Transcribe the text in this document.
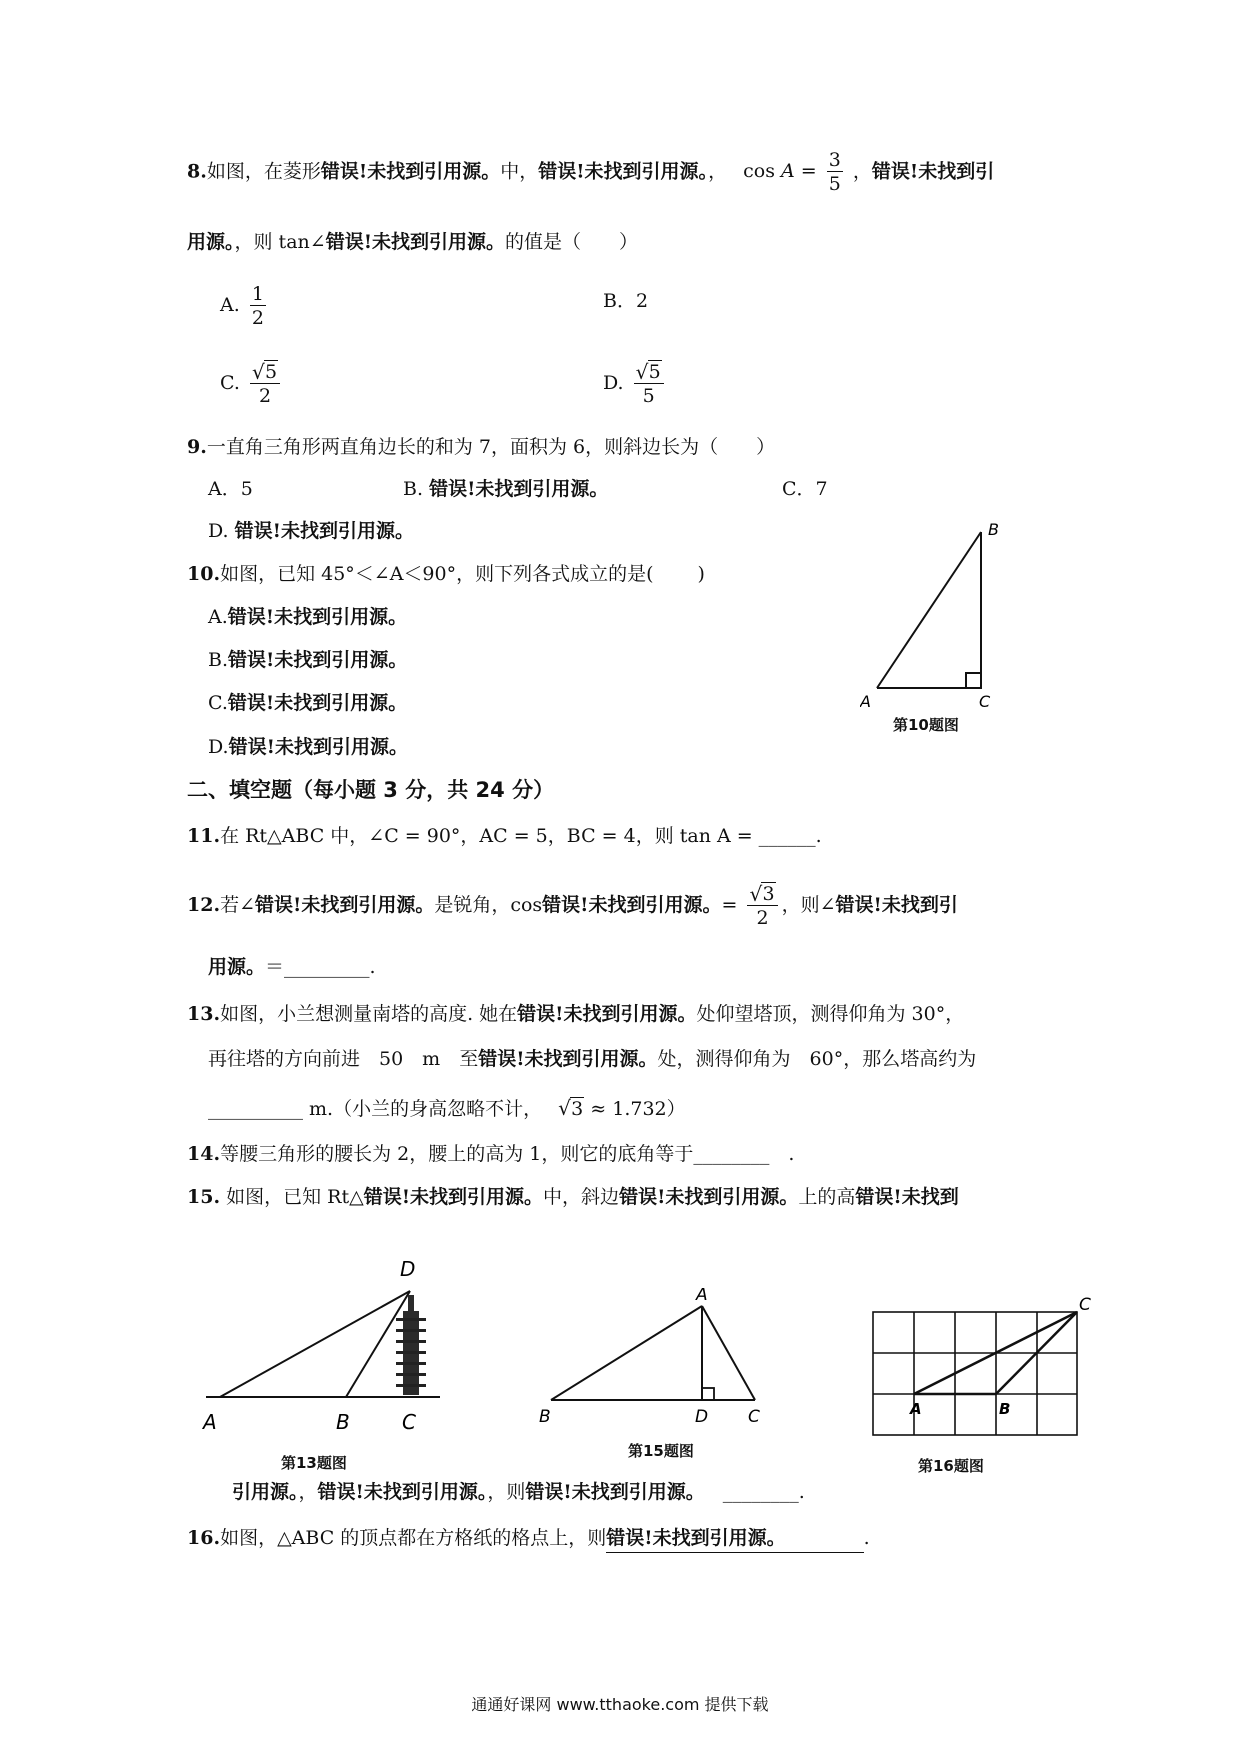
8.如图，在菱形错误!未找到引用源。中，错误!未找到引用源。， $\cos A = \frac{3}{5}$ ，错误!未找到引
用源。，则 tan∠错误!未找到引用源。的值是（　　）
A. $\frac{1}{2}$	B．2
C. √ $\frac{5}{2}$	D. √ $\frac{5}{5}$
9.一直角三角形两直角边长的和为 7，面积为 6，则斜边长为（　　）
A．5	B. 错误!未找到引用源。	C．7
D. 错误!未找到引用源。
10.如图，已知 45°＜∠A＜90°，则下列各式成立的是(　　 )
A.错误!未找到引用源。
B.错误!未找到引用源。
C.错误!未找到引用源。
D.错误!未找到引用源。
A
B
C
第10题图
二、填空题（每小题 3 分，共 24 分）
11.在 Rt△ABC 中，∠C = 90°，AC = 5，BC = 4，则 tan A = ______.
12.若∠错误!未找到引用源。是锐角，cos错误!未找到引用源。= √ $\frac{3}{2}$ ，则∠错误!未找到引
用源。＝_________.
13.如图，小兰想测量南塔的高度. 她在错误!未找到引用源。处仰望塔顶，测得仰角为 30°，
再往塔的方向前进　50　m　至错误!未找到引用源。处，测得仰角为　60°，那么塔高约为
__________ m.（小兰的身高忽略不计， √ 3 ≈ 1.732）
14.等腰三角形的腰长为 2，腰上的高为 1，则它的底角等于________　.
15. 如图，已知 Rt△错误!未找到引用源。中，斜边错误!未找到引用源。上的高错误!未找到
A	B	C
D
第13题图
B
A
D C
第15题图
A	B
C
第16题图
引用源。，错误!未找到引用源。，则错误!未找到引用源。 ________.
16.如图，△ABC 的顶点都在方格纸的格点上，则错误!未找到引用源。	.
通通好课网 www.tthaoke.com 提供下载
